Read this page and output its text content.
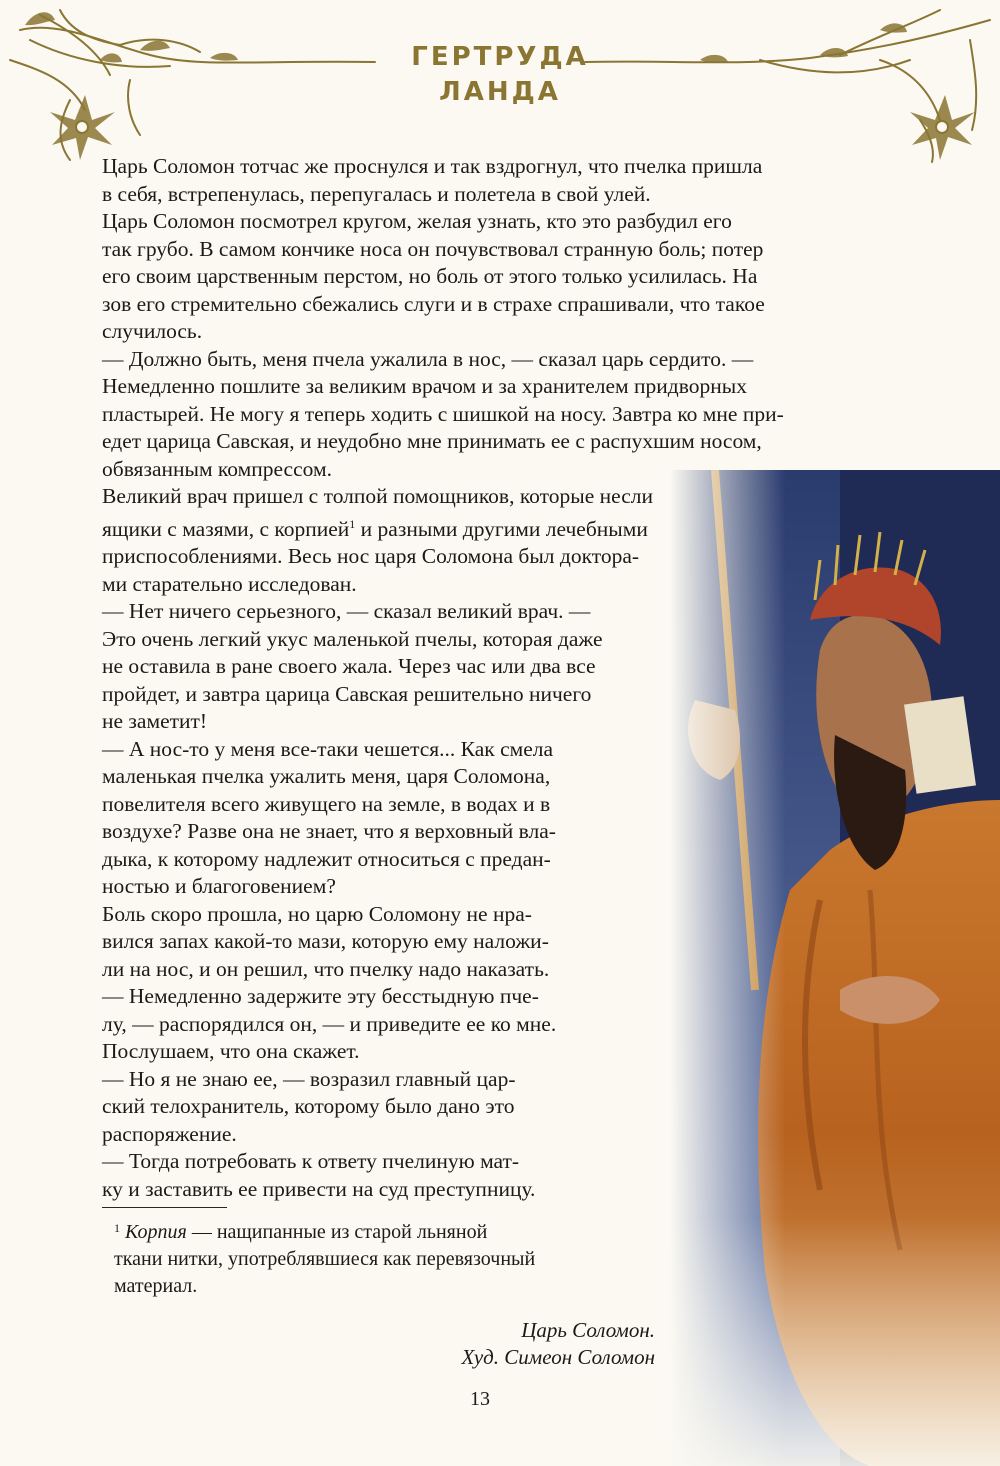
ГЕРТРУДА
ЛАНДА

Царь Соломон тотчас же проснулся и так вздрогнул, что пчелка пришла
в себя, встрепенулась, перепугалась и полетела в свой улей.

Царь Соломон посмотрел кругом, желая узнать, кто это разбудил его
так грубо. В самом кончике носа он почувствовал странную боль; потер
его своим царственным перстом, но боль от этого только усилилась. На
зов его стремительно сбежались слуги и в страхе спрашивали, что такое
случилось.

— Должно быть, меня пчела ужалила в нос, — сказал царь сердито. —
Немедленно пошлите за великим врачом и за хранителем придворных
пластырей. Не могу я теперь ходить с шишкой на носу. Завтра ко мне при-
едет царица Савская, и неудобно мне принимать ее с распухшим носом,
обвязанным компрессом.

Великий врач пришел с толпой помощников, которые несли
ящики с мазями, с корпией$^1$ и разными другими лечебными
приспособлениями. Весь нос царя Соломона был доктора-
ми старательно исследован.

— Нет ничего серьезного, — сказал великий врач. —
Это очень легкий укус маленькой пчелы, которая даже
не оставила в ране своего жала. Через час или два все
пройдет, и завтра царица Савская решительно ничего
не заметит!

— А нос-то у меня все-таки чешется... Как смела
маленькая пчелка ужалить меня, царя Соломона,
повелителя всего живущего на земле, в водах и в
воздухе? Разве она не знает, что я верховный вла-
дыка, к которому надлежит относиться с предан-
ностью и благоговением?

Боль скоро прошла, но царю Соломону не нра-
вился запах какой-то мази, которую ему наложи-
ли на нос, и он решил, что пчелку надо наказать.

— Немедленно задержите эту бесстыдную пче-
лу, — распорядился он, — и приведите ее ко мне.
Послушаем, что она скажет.

— Но я не знаю ее, — возразил главный цар-
ский телохранитель, которому было дано это
распоряжение.

— Тогда потребовать к ответу пчелиную мат-
ку и заставить ее привести на суд преступницу.

$^1$ Корпия — нащипанные из старой льняной
ткани нитки, употреблявшиеся как перевязочный
материал.
Царь Соломон.
Худ. Симеон Соломон
13
